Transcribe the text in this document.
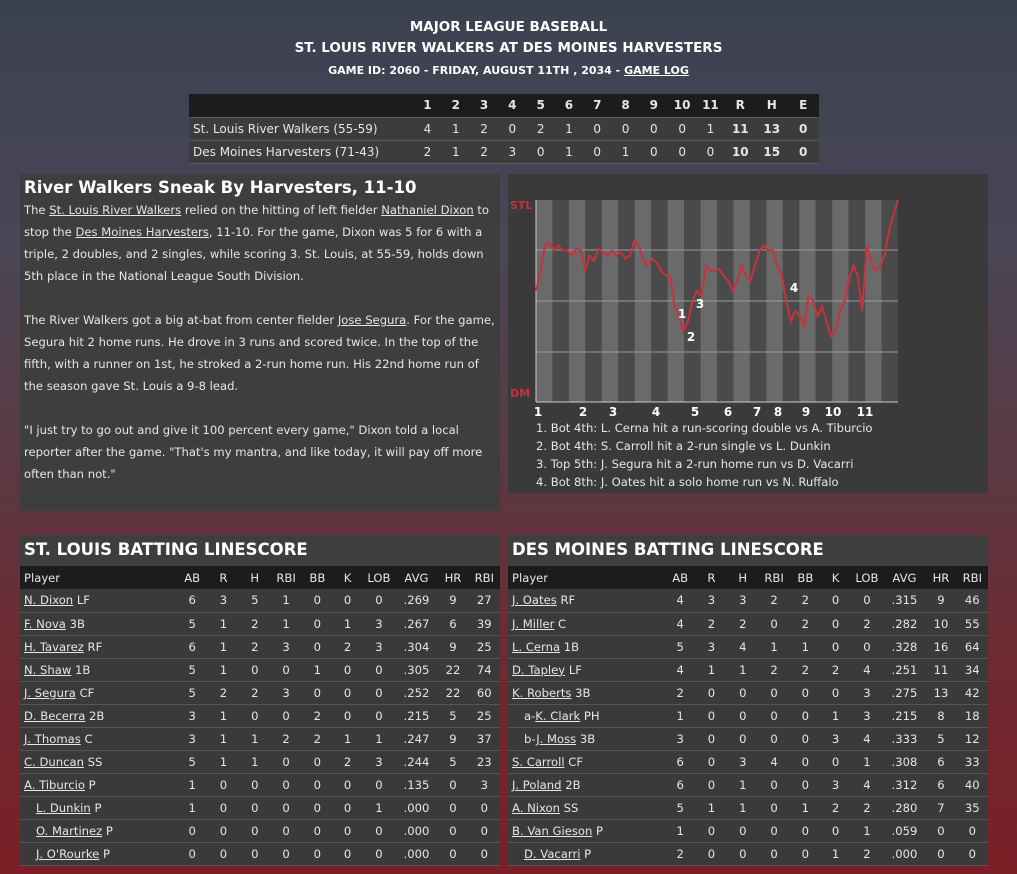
MAJOR LEAGUE BASEBALL
ST. LOUIS RIVER WALKERS AT DES MOINES HARVESTERS
GAME ID: 2060 - FRIDAY, AUGUST 11TH , 2034 - GAME LOG
	1	2	3	4	5	6	7	8	9	10	11	R	H	E
St. Louis River Walkers (55-59)	4	1	2	0	2	1	0	0	0	0	1	11	13	0
Des Moines Harvesters (71-43)	2	1	2	3	0	1	0	1	0	0	0	10	15	0
River Walkers Sneak By Harvesters, 11-10

The St. Louis River Walkers relied on the hitting of left fielder Nathaniel Dixon to stop the Des Moines Harvesters, 11-10. For the game, Dixon was 5 for 6 with a triple, 2 doubles, and 2 singles, while scoring 3. St. Louis, at 55-59, holds down 5th place in the National League South Division.

The River Walkers got a big at-bat from center fielder Jose Segura. For the game, Segura hit 2 home runs. He drove in 3 runs and scored twice. In the top of the fifth, with a runner on 1st, he stroked a 2-run home run. His 22nd home run of the season gave St. Louis a 9-8 lead.

"I just try to go out and give it 100 percent every game," Dixon told a local reporter after the game. "That's my mantra, and like today, it will pay off more often than not."

1	2 3	4	5 6 7 8 9 10 11
1
2
3
4
STL
DM
1. Bot 4th: L. Cerna hit a run-scoring double vs A. Tiburcio
2. Bot 4th: S. Carroll hit a 2-run single vs L. Dunkin
3. Top 5th: J. Segura hit a 2-run home run vs D. Vacarri
4. Bot 8th: J. Oates hit a solo home run vs N. Ruffalo
ST. LOUIS BATTING LINESCORE
Player	AB	R	H	RBI	BB	K	LOB	AVG	HR	RBI
N. Dixon LF	6	3	5	1	0	0	0	.269	9	27
F. Nova 3B	5	1	2	1	0	1	3	.267	6	39
H. Tavarez RF	6	1	2	3	0	2	3	.304	9	25
N. Shaw 1B	5	1	0	0	1	0	0	.305	22	74
J. Segura CF	5	2	2	3	0	0	0	.252	22	60
D. Becerra 2B	3	1	0	0	2	0	0	.215	5	25
J. Thomas C	3	1	1	2	2	1	1	.247	9	37
C. Duncan SS	5	1	1	0	0	2	3	.244	5	23
A. Tiburcio P	1	0	0	0	0	0	0	.135	0	3
L. Dunkin P	1	0	0	0	0	0	1	.000	0	0
O. Martinez P	0	0	0	0	0	0	0	.000	0	0
J. O'Rourke P	0	0	0	0	0	0	0	.000	0	0
DES MOINES BATTING LINESCORE
Player	AB	R	H	RBI	BB	K	LOB	AVG	HR	RBI
J. Oates RF	4	3	3	2	2	0	0	.315	9	46
J. Miller C	4	2	2	0	2	0	2	.282	10	55
L. Cerna 1B	5	3	4	1	1	0	0	.328	16	64
D. Tapley LF	4	1	1	2	2	2	4	.251	11	34
K. Roberts 3B	2	0	0	0	0	0	3	.275	13	42
a-K. Clark PH	1	0	0	0	0	1	3	.215	8	18
b-J. Moss 3B	3	0	0	0	0	3	4	.333	5	12
S. Carroll CF	6	0	3	4	0	0	1	.308	6	33
J. Poland 2B	6	0	1	0	0	3	4	.312	6	40
A. Nixon SS	5	1	1	0	1	2	2	.280	7	35
B. Van Gieson P	1	0	0	0	0	0	1	.059	0	0
D. Vacarri P	2	0	0	0	0	1	2	.000	0	0
